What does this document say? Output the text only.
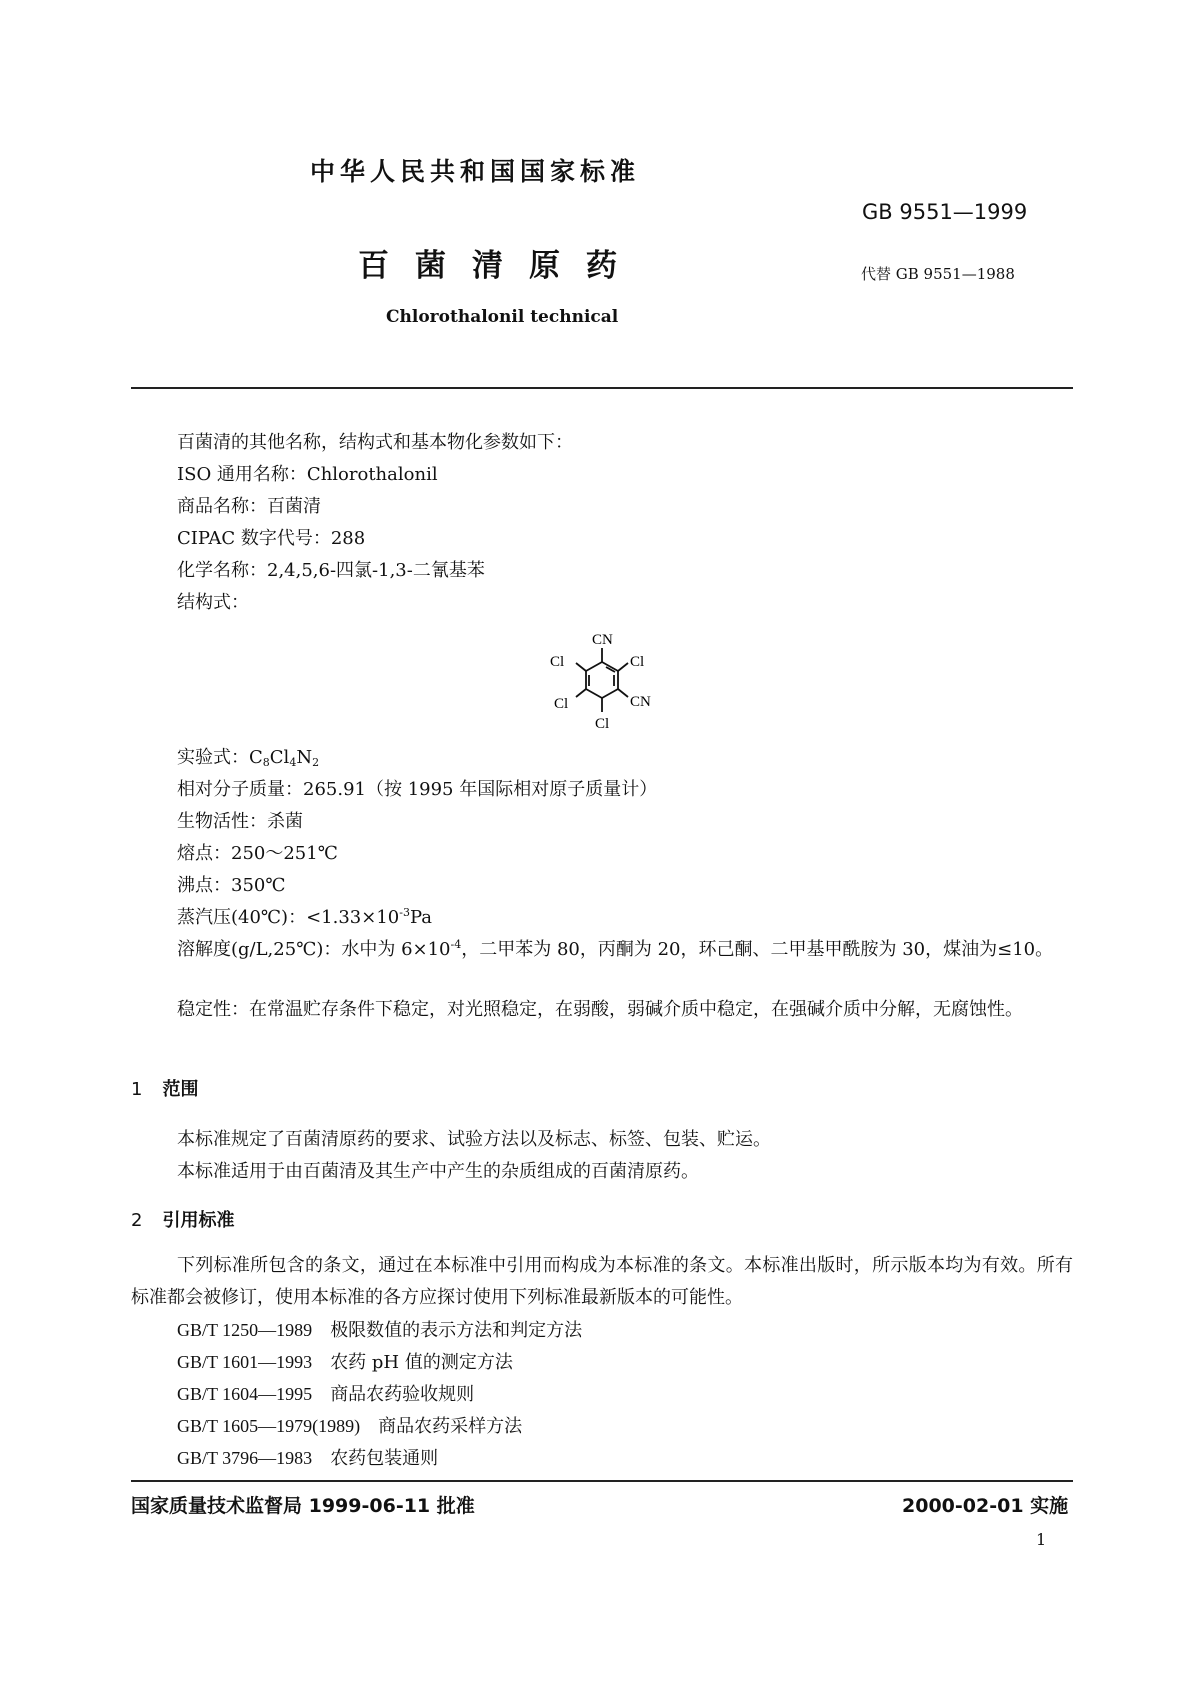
中华人民共和国国家标准
GB 9551—1999
百菌清原药	代替 GB 9551—1988
Chlorothalonil technical
百菌清的其他名称，结构式和基本物化参数如下：
ISO 通用名称：Chlorothalonil
商品名称：百菌清
CIPAC 数字代号：288
化学名称：2,4,5,6-四氯-1,3-二氰基苯
结构式：
CN
Cl	Cl
Cl	CN
Cl
实验式：$C_8Cl_4N_2$
相对分子质量：265.91（按 1995 年国际相对原子质量计）
生物活性：杀菌
熔点：250～251℃
沸点：350℃
蒸汽压(40℃)：$<1.33\times 10^{-3}Pa$
溶解度(g/L,25℃)：水中为 $6\times 10^{-4}$，二甲苯为 80，丙酮为 20，环己酮、二甲基甲酰胺为 30，煤油为≤10。
稳定性：在常温贮存条件下稳定，对光照稳定，在弱酸，弱碱介质中稳定，在强碱介质中分解，无腐蚀性。
1 范围
本标准规定了百菌清原药的要求、试验方法以及标志、标签、包装、贮运。
本标准适用于由百菌清及其生产中产生的杂质组成的百菌清原药。
2 引用标准
下列标准所包含的条文，通过在本标准中引用而构成为本标准的条文。本标准出版时，所示版本均为有效。所有标准都会被修订，使用本标准的各方应探讨使用下列标准最新版本的可能性。
GB/T 1250—1989 极限数值的表示方法和判定方法
GB/T 1601—1993 农药 pH 值的测定方法
GB/T 1604—1995 商品农药验收规则
GB/T 1605—1979(1989) 商品农药采样方法
GB/T 3796—1983 农药包装通则
国家质量技术监督局 1999-06-11 批准	2000-02-01 实施
1
